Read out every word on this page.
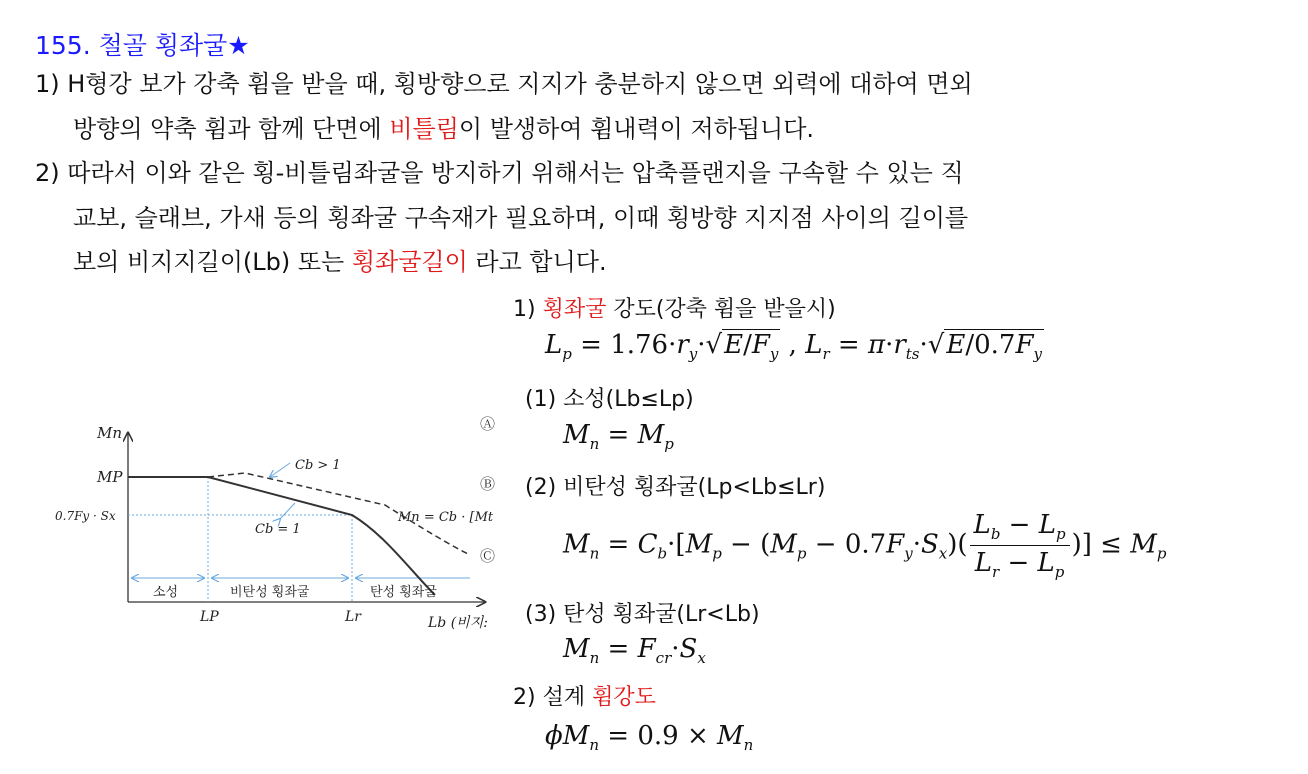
155. 철골 횡좌굴★
1) H형강 보가 강축 휨을 받을 때, 횡방향으로 지지가 충분하지 않으면 외력에 대하여 면외
방향의 약축 휨과 함께 단면에 비틀림이 발생하여 휨내력이 저하됩니다.
2) 따라서 이와 같은 횡-비틀림좌굴을 방지하기 위해서는 압축플랜지을 구속할 수 있는 직
교보, 슬래브, 가새 등의 횡좌굴 구속재가 필요하며, 이때 횡방향 지지점 사이의 길이를
보의 비지지길이(Lb) 또는 횡좌굴길이 라고 합니다.
1) 횡좌굴 강도(강축 휨을 받을시)
$L_p = 1.76\cdot r_y\cdot√E/F_y$ , $L_r = \pi\cdot r_{ts}\cdot√E/0.7F_y$
(1) 소성(Lb≤Lp)
$M_n = M_p$
(2) 비탄성 횡좌굴(Lp<Lb≤Lr)
$M_n = C_b\cdot[M_p - (M_p - 0.7F_y\cdot S_x)( \frac{L_b - L_p}{L_r - L_p}$ )] ≤ $M_p$
(3) 탄성 횡좌굴(Lr<Lb)
$M_n = F_{cr}\cdot S_x$
2) 설계 휨강도
$\phi M_n = 0.9 \times M_n$
Mn
MP
0.7Fy · Sx
Cb > 1
Cb = 1
Mn = Cb · [Mt
Ⓐ
Ⓑ
Ⓒ
소성	비탄성 횡좌굴	탄성 횡좌굴
LP	Lr	Lb (비지:
